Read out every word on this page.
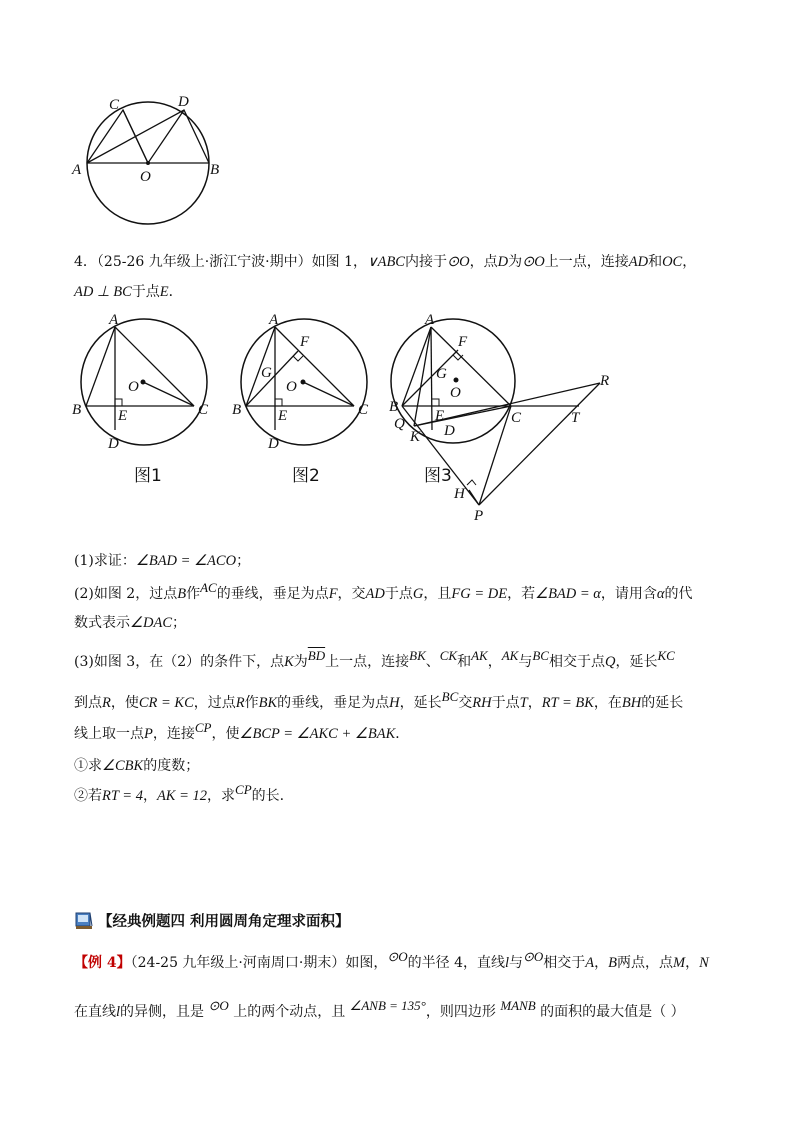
C	D
A	B
O
4．（25-26 九年级上·浙江宁波·期中）如图 1，∨ABC内接于⊙O，点D为⊙O上一点，连接AD和OC，
AD ⊥ BC于点E．
A
B	C
E
D
O
图1
A
F
G
B	C
E
D
O
图2
A
F
G
O
B
E
Q
K D
C	T
R
H
P
图3
(1)求证：∠BAD = ∠ACO；
(2)如图 2，过点B作AC的垂线，垂足为点F，交AD于点G，且FG = DE，若∠BAD = α，请用含α的代
数式表示∠DAC；
(3)如图 3，在（2）的条件下，点K为$\overline{BD}$上一点，连接BK、CK和AK，AK与BC相交于点Q，延长KC
到点R，使CR = KC，过点R作BK的垂线，垂足为点H，延长BC交RH于点T，RT = BK，在BH的延长
线上取一点P，连接CP，使∠BCP = ∠AKC + ∠BAK．
①求∠CBK的度数；
②若RT = 4，AK = 12，求CP的长.
【经典例题四 利用圆周角定理求面积】
【例 4】（24-25 九年级上·河南周口·期末）如图，⊙O的半径 4，直线l与⊙O相交于A，B两点，点M，N
在直线l的异侧，且是 ⊙O 上的两个动点，且 ∠ANB = 135°，则四边形 MANB 的面积的最大值是（ ）
